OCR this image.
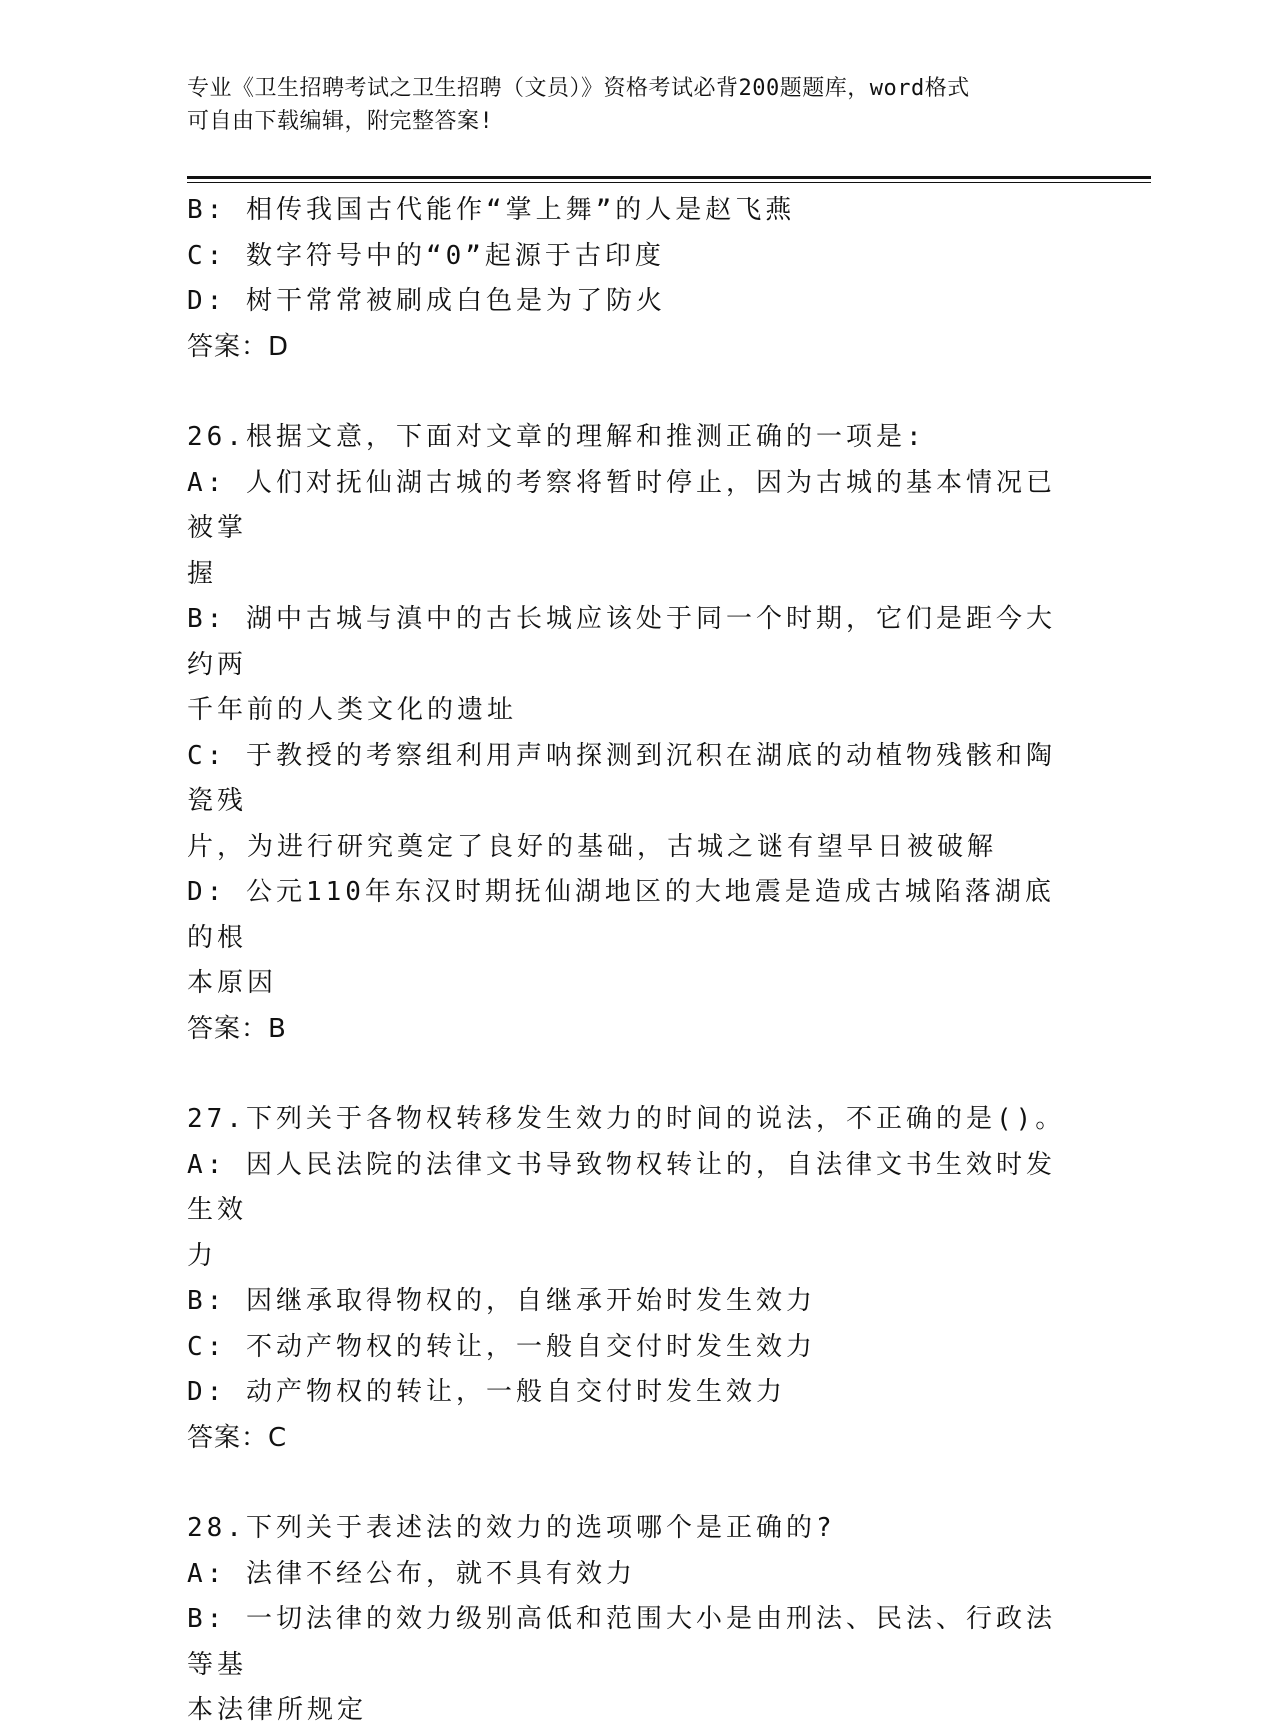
专业《卫生招聘考试之卫生招聘（文员）》资格考试必背200题题库，word格式
可自由下载编辑，附完整答案!
B: 相传我国古代能作“掌上舞”的人是赵飞燕
C: 数字符号中的“0”起源于古印度
D: 树干常常被刷成白色是为了防火
答案：D
26.根据文意，下面对文章的理解和推测正确的一项是:
A: 人们对抚仙湖古城的考察将暂时停止，因为古城的基本情况已被掌
握
B: 湖中古城与滇中的古长城应该处于同一个时期，它们是距今大约两
千年前的人类文化的遗址
C: 于教授的考察组利用声呐探测到沉积在湖底的动植物残骸和陶瓷残
片，为进行研究奠定了良好的基础，古城之谜有望早日被破解
D: 公元110年东汉时期抚仙湖地区的大地震是造成古城陷落湖底的根
本原因
答案：B
27.下列关于各物权转移发生效力的时间的说法，不正确的是()。
A: 因人民法院的法律文书导致物权转让的，自法律文书生效时发生效
力
B: 因继承取得物权的，自继承开始时发生效力
C: 不动产物权的转让，一般自交付时发生效力
D: 动产物权的转让，一般自交付时发生效力
答案：C
28.下列关于表述法的效力的选项哪个是正确的?
A: 法律不经公布，就不具有效力
B: 一切法律的效力级别高低和范围大小是由刑法、民法、行政法等基
本法律所规定
